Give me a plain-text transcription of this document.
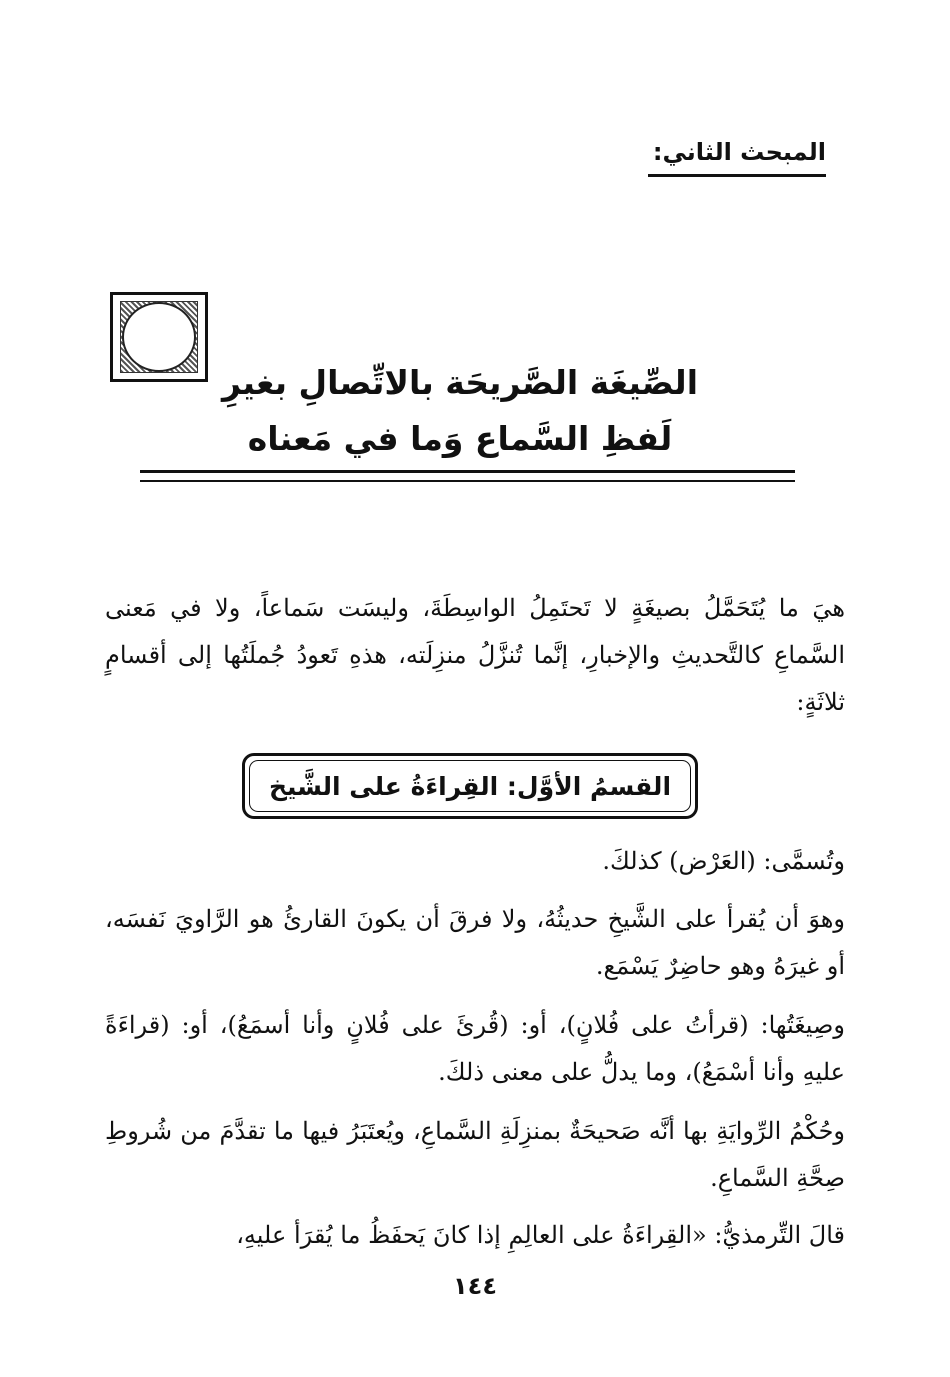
المبحث الثاني:
الصِّيغَة الصَّريحَة بالاتِّصالِ بغيرِ لَفظِ السَّماع وَما في مَعناه
هيَ ما يُتَحَمَّلُ بصيغَةٍ لا تَحتَمِلُ الواسِطَةَ، وليسَت سَماعاً، ولا في مَعنى السَّماعِ كالتَّحديثِ والإخبارِ، إنَّما تُنزَّلُ منزِلَته، هذهِ تَعودُ جُملَتُها إلى أقسامٍ ثلاثَةٍ:
القسمُ الأوَّل: القِراءَةُ على الشَّيخ
وتُسمَّى: (العَرْض) كذلكَ.
وهوَ أن يُقرأ على الشَّيخِ حديثُهُ، ولا فرقَ أن يكونَ القارئُ هو الرَّاويَ نَفسَه، أو غيرَهُ وهو حاضِرٌ يَسْمَع.
وصِيغَتُها: (قرأتُ على فُلانٍ)، أو: (قُرئَ على فُلانٍ وأنا أسمَعُ)، أو: (قراءَةً عليهِ وأنا أسْمَعُ)، وما يدلُّ على معنى ذلكَ.
وحُكْمُ الرِّوايَةِ بها أنَّه صَحيحَةٌ بمنزِلَةِ السَّماعِ، ويُعتَبَرُ فيها ما تقدَّمَ من شُروطِ صِحَّةِ السَّماعِ.
قالَ التِّرمذيُّ: «القِراءَةُ على العالِمِ إذا كانَ يَحفَظُ ما يُقرَأ عليهِ،
١٤٤
